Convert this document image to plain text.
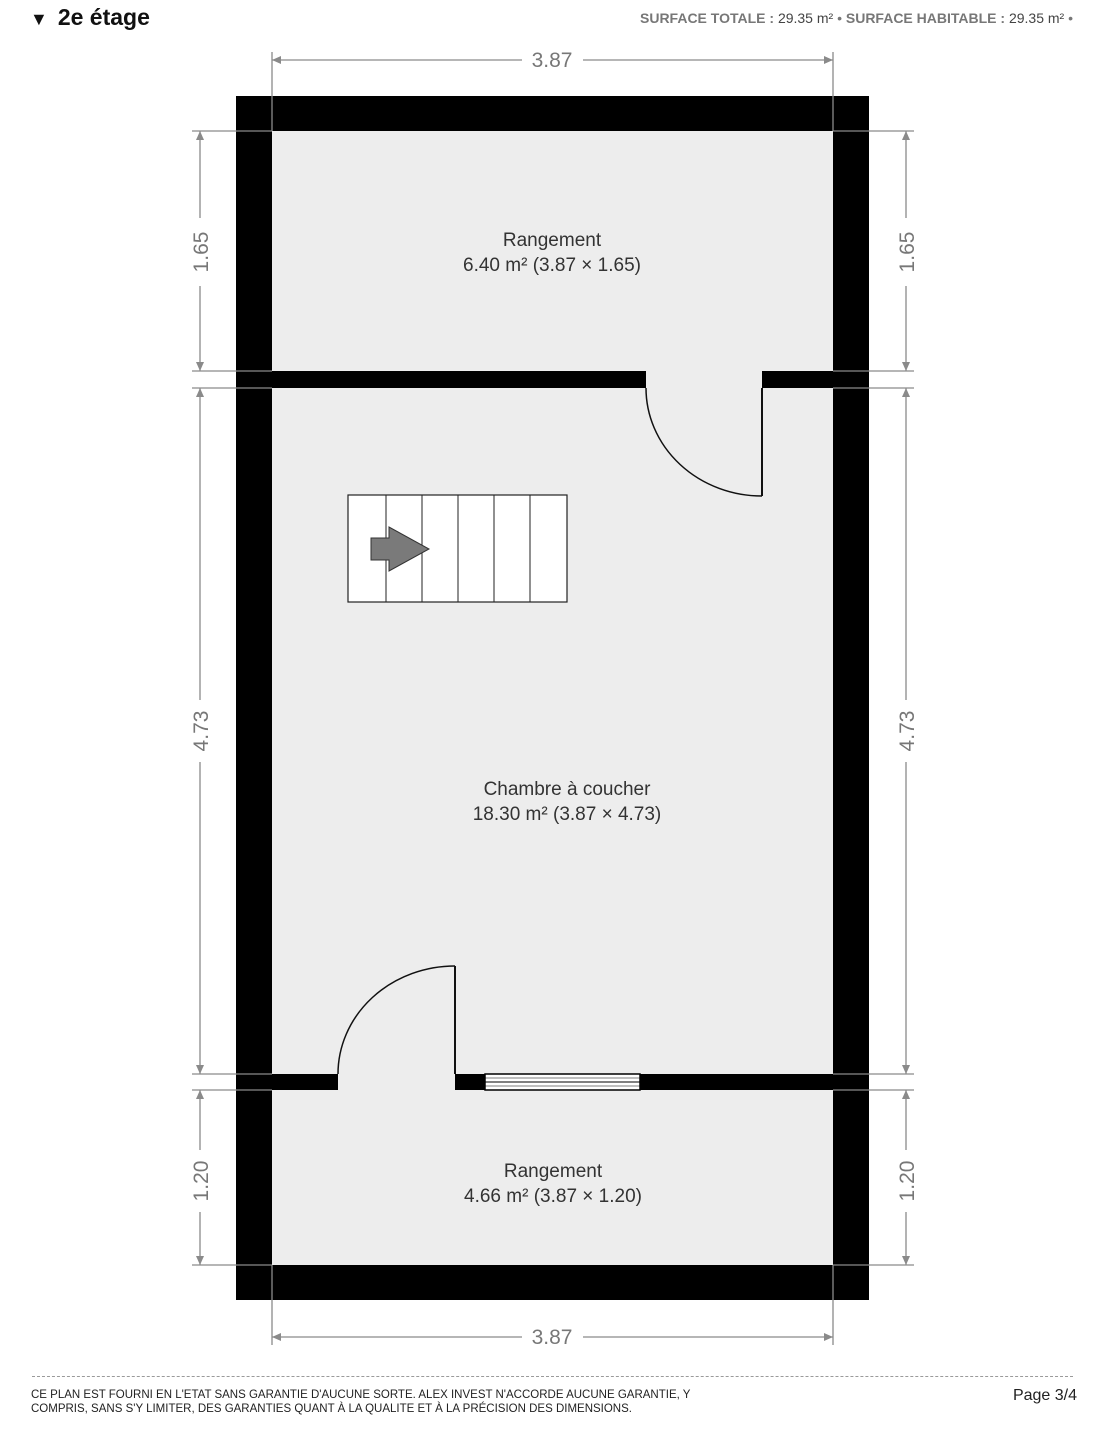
▼ 2e étage	SURFACE TOTALE : 29.35 m² • SURFACE HABITABLE : 29.35 m² •
3.87
3.87
1.65
4.73
1.20
1.65
4.73
1.20
Rangement
6.40 m² (3.87 × 1.65)
Chambre à coucher
18.30 m² (3.87 × 4.73)
Rangement
4.66 m² (3.87 × 1.20)
CE PLAN EST FOURNI EN L'ETAT SANS GARANTIE D'AUCUNE SORTE. ALEX INVEST N'ACCORDE AUCUNE GARANTIE, Y COMPRIS, SANS S'Y LIMITER, DES GARANTIES QUANT À LA QUALITE ET À LA PRÉCISION DES DIMENSIONS.
Page 3/4
